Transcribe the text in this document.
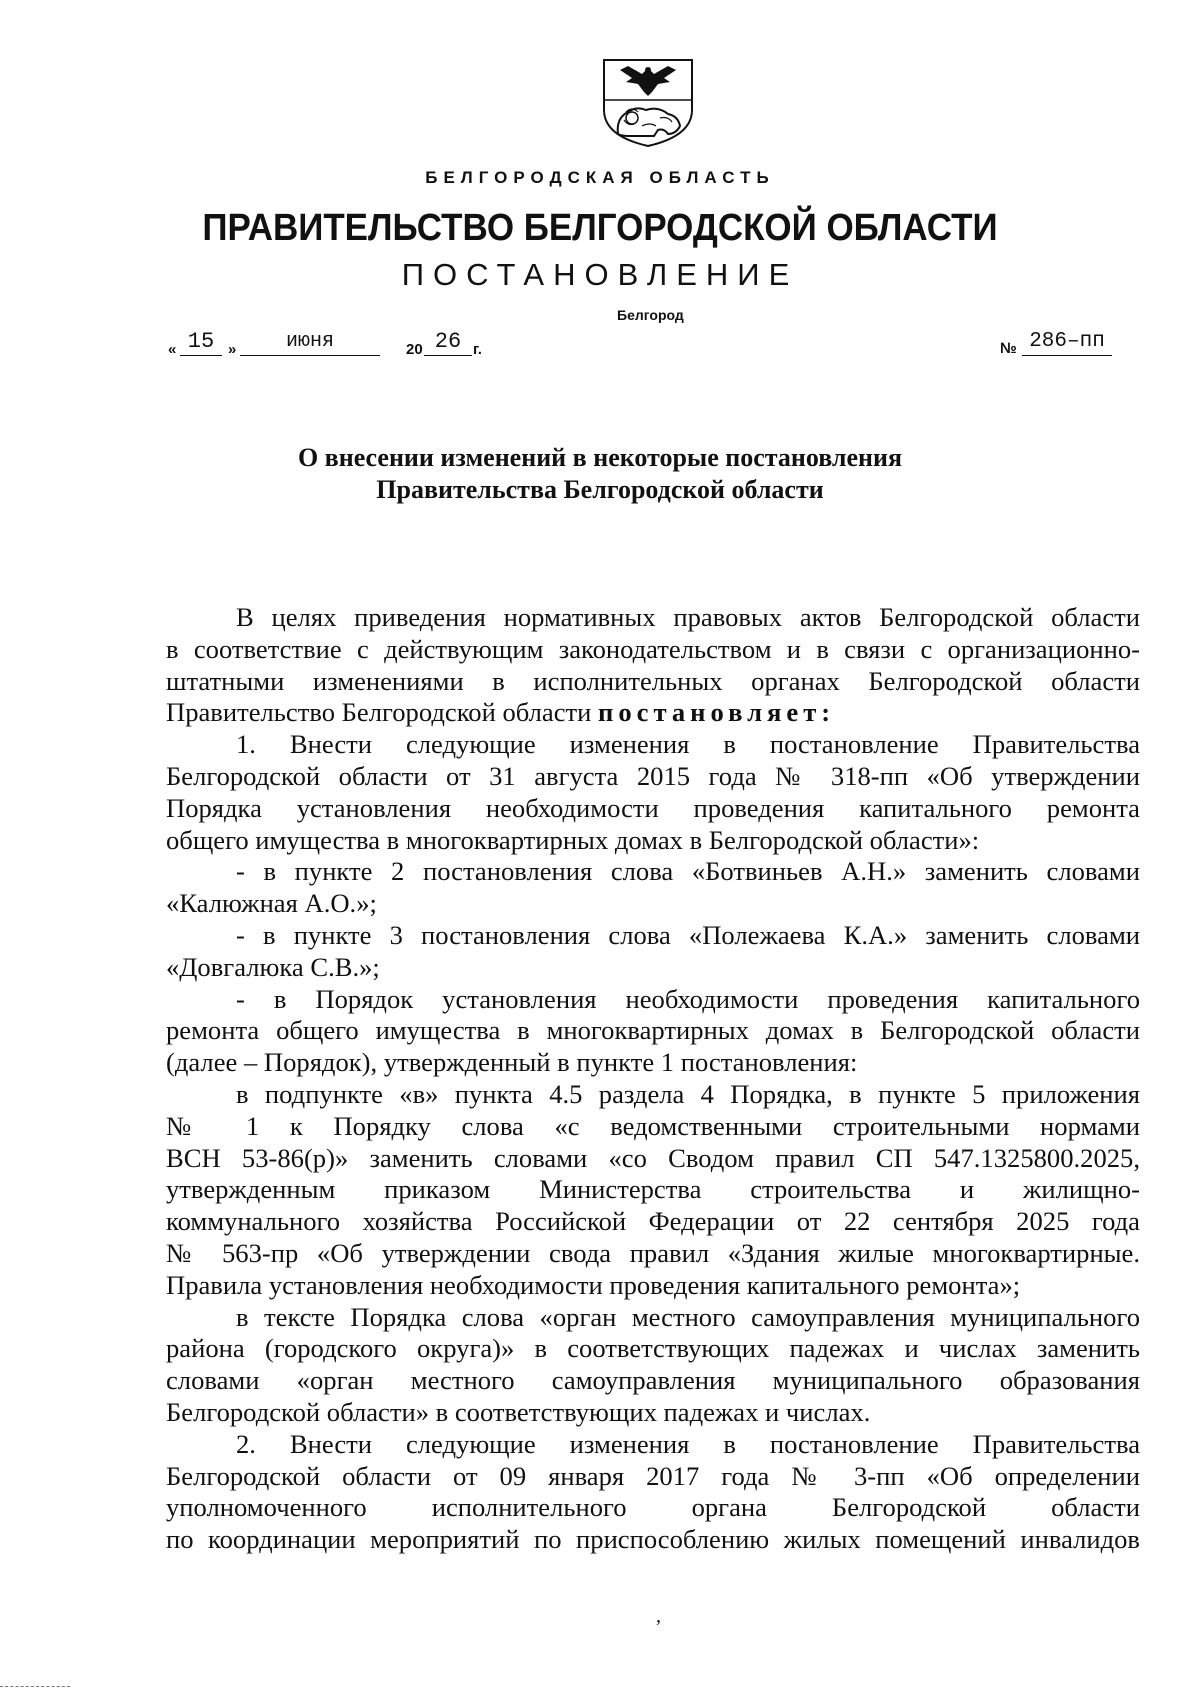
БЕЛГОРОДСКАЯ ОБЛАСТЬ
ПРАВИТЕЛЬСТВО БЕЛГОРОДСКОЙ ОБЛАСТИ
ПОСТАНОВЛЕНИЕ
Белгород
« 15 »	июня	20 26 г.	№ 286–пп
О внесении изменений в некоторые постановления
Правительства Белгородской области

В целях приведения нормативных правовых актов Белгородской области

в соответствие с действующим законодательством и в связи с организационно-

штатными изменениями в исполнительных органах Белгородской области

Правительство Белгородской области постановляет:

1. Внести следующие изменения в постановление Правительства

Белгородской области от 31 августа 2015 года № 318-пп «Об утверждении

Порядка установления необходимости проведения капитального ремонта

общего имущества в многоквартирных домах в Белгородской области»:

- в пункте 2 постановления слова «Ботвиньев А.Н.» заменить словами

«Калюжная А.О.»;

- в пункте 3 постановления слова «Полежаева К.А.» заменить словами

«Довгалюка С.В.»;

- в Порядок установления необходимости проведения капитального

ремонта общего имущества в многоквартирных домах в Белгородской области

(далее – Порядок), утвержденный в пункте 1 постановления:

в подпункте «в» пункта 4.5 раздела 4 Порядка, в пункте 5 приложения

№ 1 к Порядку слова «с ведомственными строительными нормами

ВСН 53-86(р)» заменить словами «со Сводом правил СП 547.1325800.2025,

утвержденным приказом Министерства строительства и жилищно-

коммунального хозяйства Российской Федерации от 22 сентября 2025 года

№ 563-пр «Об утверждении свода правил «Здания жилые многоквартирные.

Правила установления необходимости проведения капитального ремонта»;

в тексте Порядка слова «орган местного самоуправления муниципального

района (городского округа)» в соответствующих падежах и числах заменить

словами «орган местного самоуправления муниципального образования

Белгородской области» в соответствующих падежах и числах.

2. Внести следующие изменения в постановление Правительства

Белгородской области от 09 января 2017 года № 3-пп «Об определении

уполномоченного исполнительного органа Белгородской области

по координации мероприятий по приспособлению жилых помещений инвалидов

‚
